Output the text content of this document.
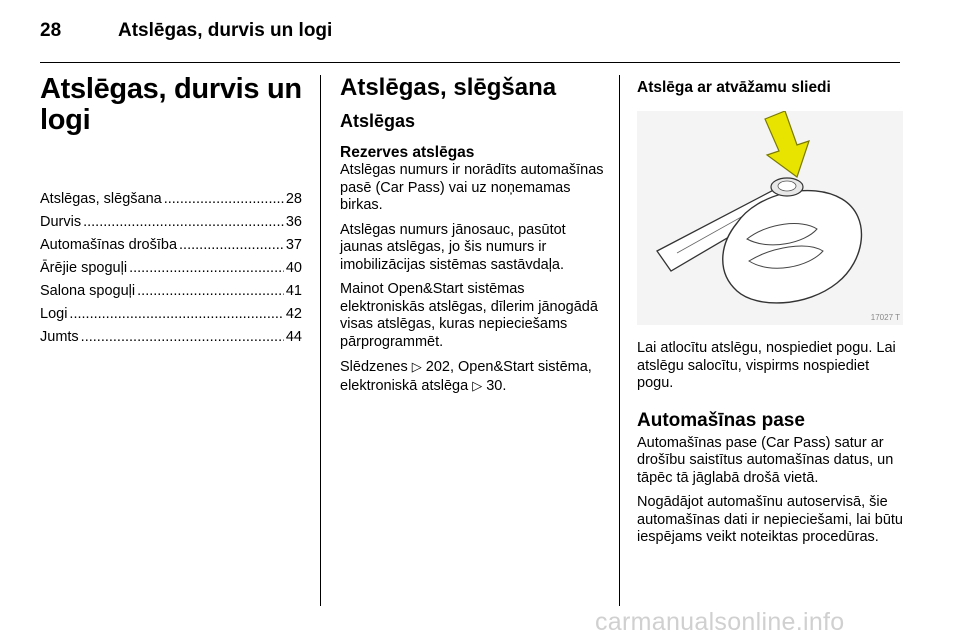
28	Atslēgas, durvis un logi
Atslēgas, durvis un logi
Atslēgas, slēgšana .....	28
Durvis .....	36
Automašīnas drošība .....	37
Ārējie spoguļi .....	40
Salona spoguļi .....	41
Logi .....	42
Jumts .....	44
Atslēgas, slēgšana
Atslēgas
Rezerves atslēgas

Atslēgas numurs ir norādīts automašīnas pasē (Car Pass) vai uz noņemamas birkas.

Atslēgas numurs jānosauc, pasūtot jaunas atslēgas, jo šis numurs ir imobilizācijas sistēmas sastāvdaļa.

Mainot Open&Start sistēmas elektroniskās atslēgas, dīlerim jānogādā visas atslēgas, kuras nepieciešams pārprogrammēt.

Slēdzenes ▷ 202, Open&Start sistēma, elektroniskā atslēga ▷ 30.

Atslēga ar atvāžamu sliedi
17027 T

Lai atlocītu atslēgu, nospiediet pogu. Lai atslēgu salocītu, vispirms nospiediet pogu.

Automašīnas pase

Automašīnas pase (Car Pass) satur ar drošību saistītus automašīnas datus, un tāpēc tā jāglabā drošā vietā.

Nogādājot automašīnu autoservisā, šie automašīnas dati ir nepieciešami, lai būtu iespējams veikt noteiktas procedūras.

carmanualsonline.info
